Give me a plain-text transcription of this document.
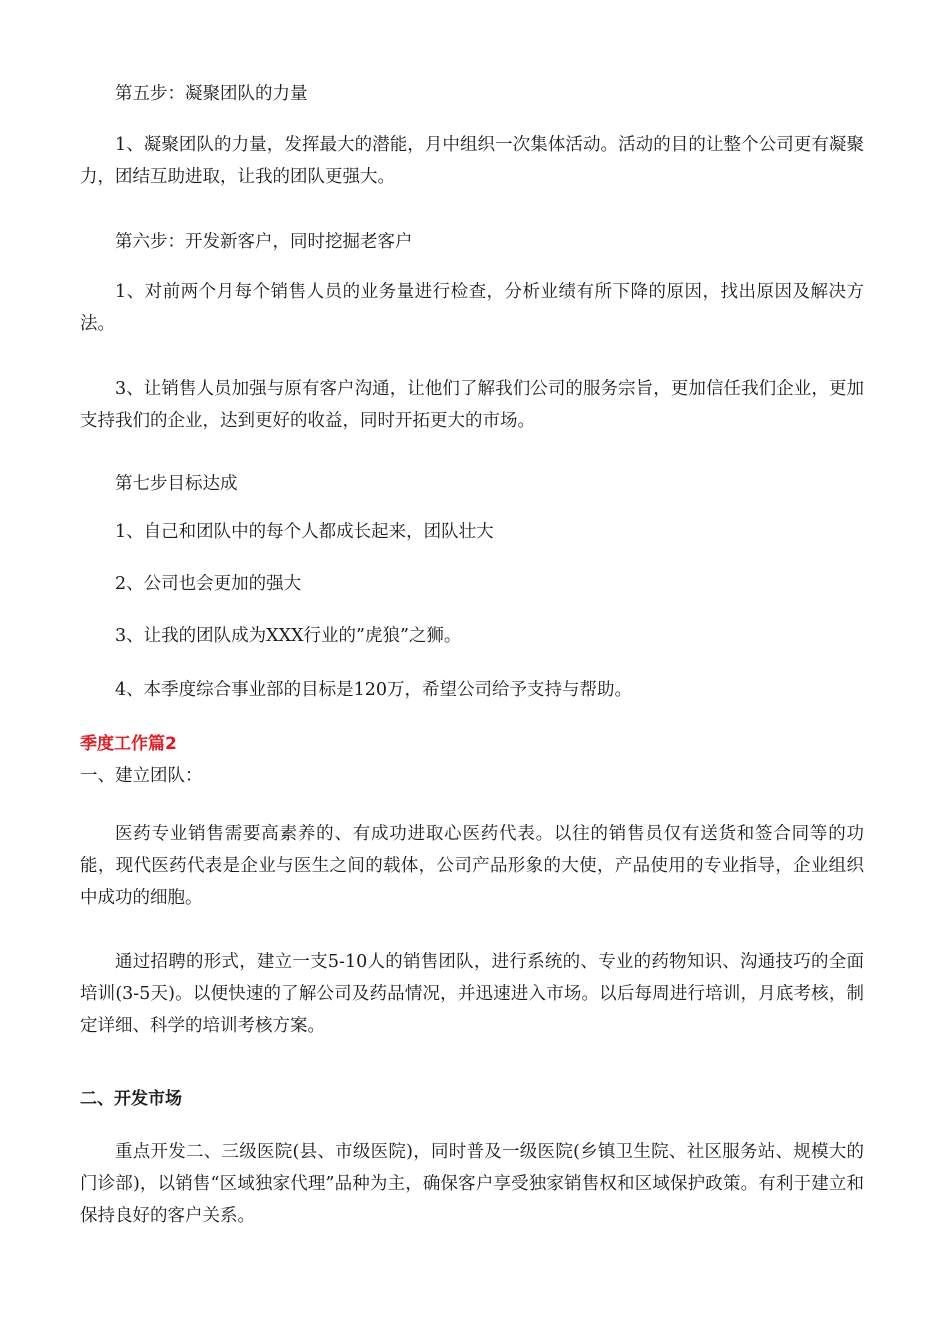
第五步：凝聚团队的力量

1、凝聚团队的力量，发挥最大的潜能，月中组织一次集体活动。活动的目的让整个公司更有凝聚力，团结互助进取，让我的团队更强大。

第六步：开发新客户，同时挖掘老客户

1、对前两个月每个销售人员的业务量进行检查，分析业绩有所下降的原因，找出原因及解决方法。

3、让销售人员加强与原有客户沟通，让他们了解我们公司的服务宗旨，更加信任我们企业，更加支持我们的企业，达到更好的收益，同时开拓更大的市场。

第七步目标达成

1、自己和团队中的每个人都成长起来，团队壮大

2、公司也会更加的强大

3、让我的团队成为XXX行业的”虎狼”之狮。

4、本季度综合事业部的目标是120万，希望公司给予支持与帮助。

季度工作篇2

一、建立团队：

医药专业销售需要高素养的、有成功进取心医药代表。以往的销售员仅有送货和签合同等的功能，现代医药代表是企业与医生之间的载体，公司产品形象的大使，产品使用的专业指导，企业组织中成功的细胞。

通过招聘的形式，建立一支5-10人的销售团队，进行系统的、专业的药物知识、沟通技巧的全面培训(3-5天)。以便快速的了解公司及药品情况，并迅速进入市场。以后每周进行培训，月底考核，制定详细、科学的培训考核方案。

二、开发市场

重点开发二、三级医院(县、市级医院)，同时普及一级医院(乡镇卫生院、社区服务站、规模大的门诊部)，以销售“区域独家代理”品种为主，确保客户享受独家销售权和区域保护政策。有利于建立和保持良好的客户关系。
